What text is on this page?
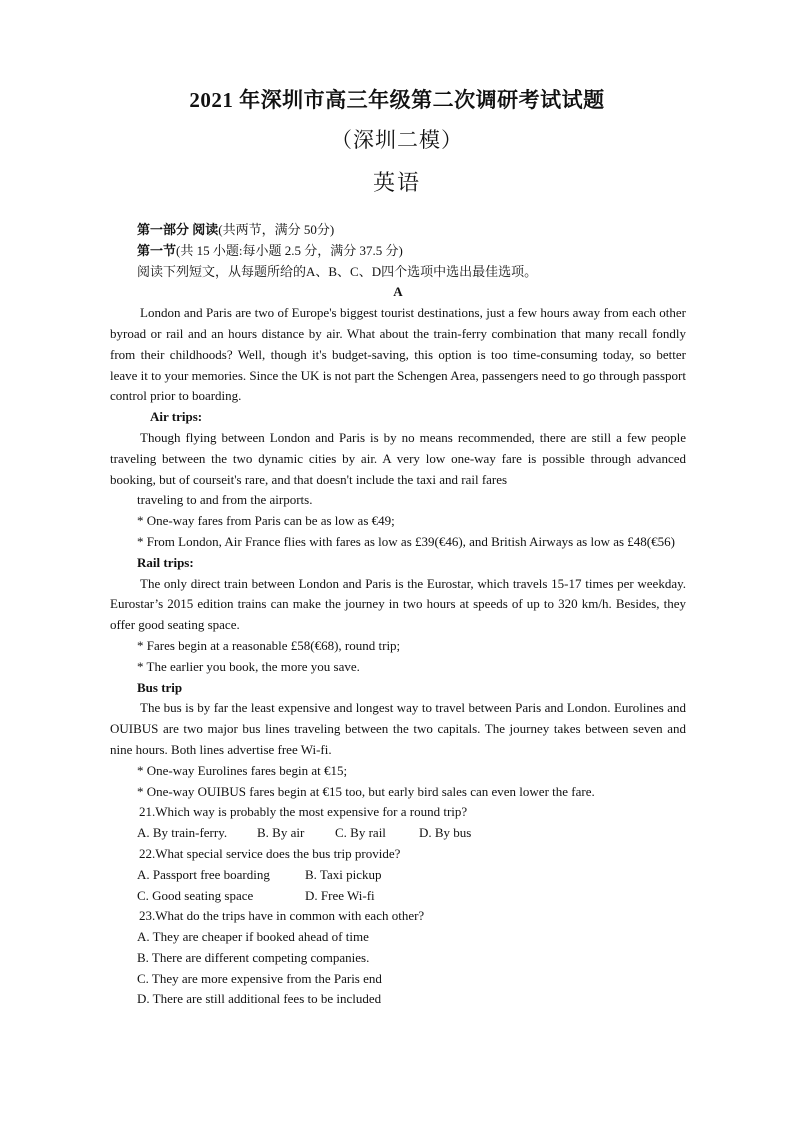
2021 年深圳市高三年级第二次调研考试试题
（深圳二模）
英语

第一部分 阅读(共两节，满分 50分)

第一节(共 15 小题:每小题 2.5 分，满分 37.5 分)

阅读下列短文，从每题所给的A、B、C、D四个选项中选出最佳选项。

A

London and Paris are two of Europe's biggest tourist destinations, just a few hours away from each other byroad or rail and an hours distance by air. What about the train-ferry combination that many recall fondly from their childhoods? Well, though it's budget-saving, this option is too time-consuming today, so better leave it to your memories. Since the UK is not part the Schengen Area, passengers need to go through passport control prior to boarding.

Air trips:

Though flying between London and Paris is by no means recommended, there are still a few people traveling between the two dynamic cities by air. A very low one-way fare is possible through advanced booking, but of courseit's rare, and that doesn't include the taxi and rail fares

traveling to and from the airports.

* One-way fares from Paris can be as low as €49;

* From London, Air France flies with fares as low as £39(€46), and British Airways as low as £48(€56)

Rail trips:

The only direct train between London and Paris is the Eurostar, which travels 15-17 times per weekday. Eurostar’s 2015 edition trains can make the journey in two hours at speeds of up to 320 km/h. Besides, they offer good seating space.

* Fares begin at a reasonable £58(€68), round trip;

* The earlier you book, the more you save.

Bus trip

The bus is by far the least expensive and longest way to travel between Paris and London. Eurolines and OUIBUS are two major bus lines traveling between the two capitals. The journey takes between seven and nine hours. Both lines advertise free Wi-fi.

* One-way Eurolines fares begin at €15;

* One-way OUIBUS fares begin at €15 too, but early bird sales can even lower the fare.

21.Which way is probably the most expensive for a round trip?

A. By train-ferry. B. By air C. By rail	D. By bus

22.What special service does the bus trip provide?

A. Passport free boarding	B. Taxi pickup

C. Good seating space	D. Free Wi-fi

23.What do the trips have in common with each other?

A. They are cheaper if booked ahead of time

B. There are different competing companies.

C. They are more expensive from the Paris end

D. There are still additional fees to be included
